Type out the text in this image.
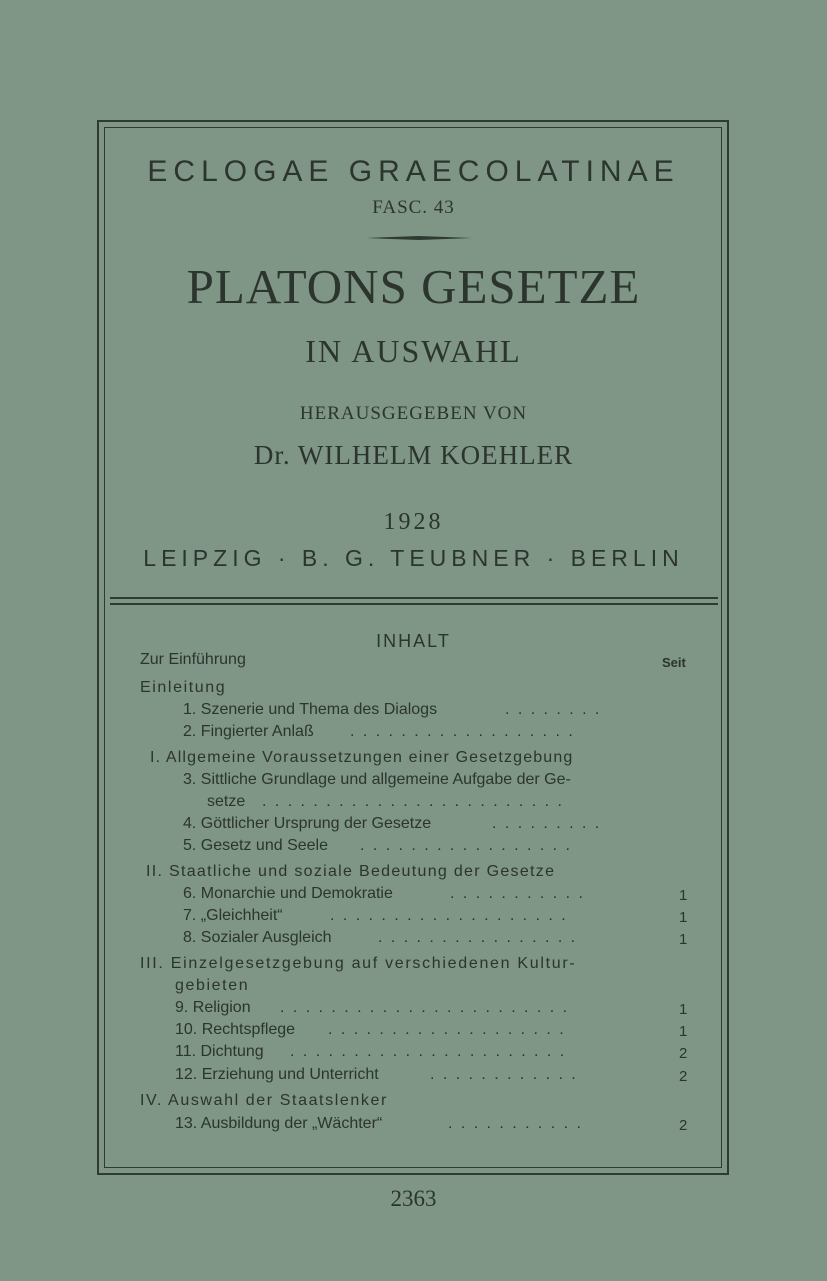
ECLOGAE GRAECOLATINAE
FASC. 43
PLATONS GESETZE
IN AUSWAHL
HERAUSGEGEBEN VON
Dr. WILHELM KOEHLER
1928
LEIPZIG · B. G. TEUBNER · BERLIN
INHALT
Zur Einführung	Seit
Einleitung
1. Szenerie und Thema des Dialogs	........
2. Fingierter Anlaß ..................
I. Allgemeine Voraussetzungen einer Gesetzgebung
3. Sittliche Grundlage und allgemeine Aufgabe der Ge-
setze ........................
4. Göttlicher Ursprung der Gesetze	.........
5. Gesetz und Seele .................
II. Staatliche und soziale Bedeutung der Gesetze
6. Monarchie und Demokratie	...........	1
7. „Gleichheit“	...................	1
8. Sozialer Ausgleich	................	1
III. Einzelgesetzgebung auf verschiedenen Kultur-
gebieten
9. Religion .......................	1
10. Rechtspflege ...................	1
11. Dichtung ......................	2
12. Erziehung und Unterricht	............	2
IV. Auswahl der Staatslenker
13. Ausbildung der „Wächter“	...........	2
2363
